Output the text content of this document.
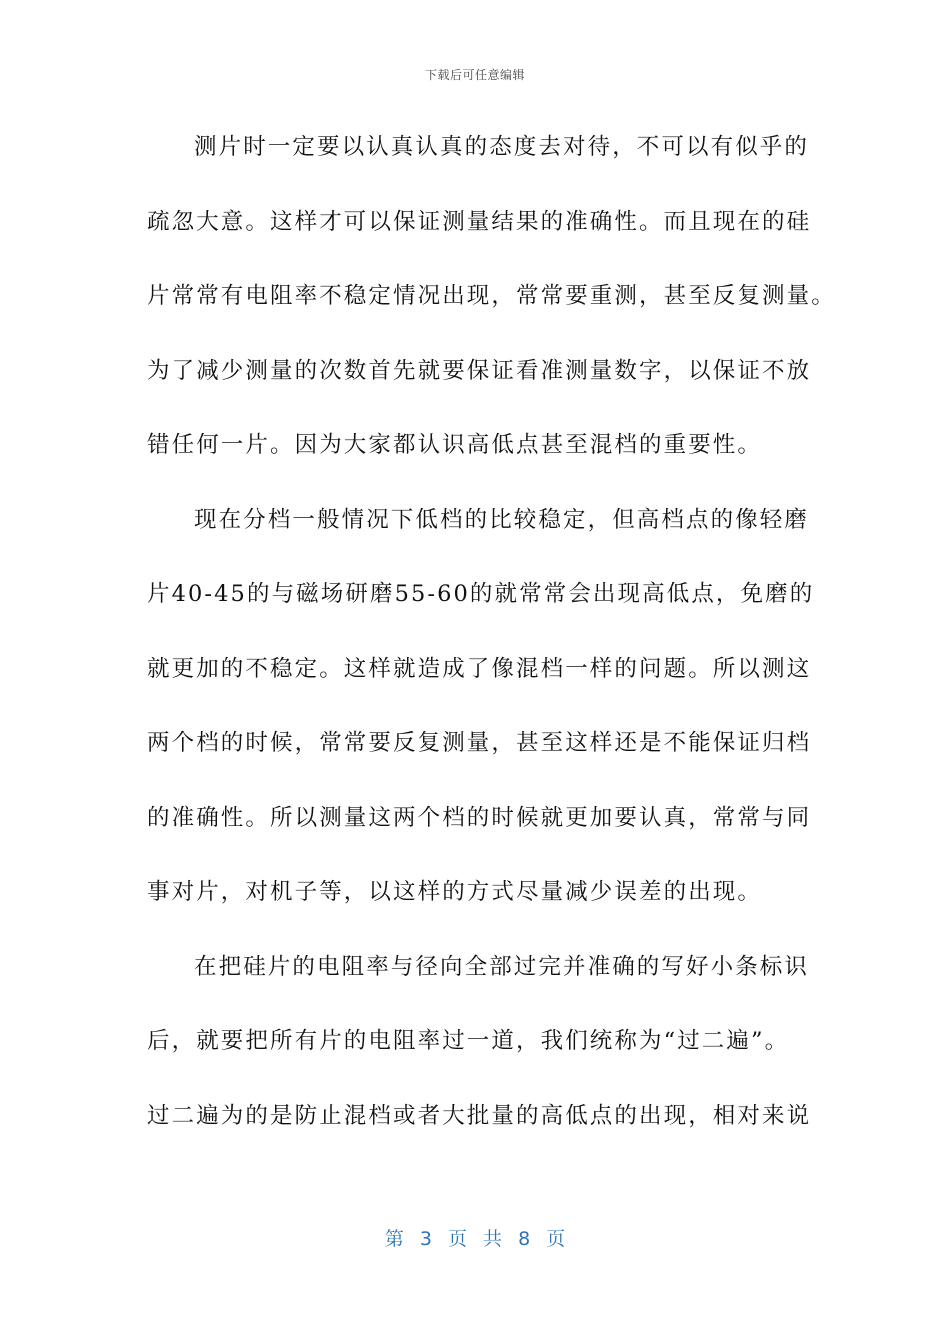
下载后可任意编辑
测片时一定要以认真认真的态度去对待，不可以有似乎的
疏忽大意。这样才可以保证测量结果的准确性。而且现在的硅
片常常有电阻率不稳定情况出现，常常要重测，甚至反复测量。
为了减少测量的次数首先就要保证看准测量数字，以保证不放
错任何一片。因为大家都认识高低点甚至混档的重要性。
现在分档一般情况下低档的比较稳定，但高档点的像轻磨
片40-45的与磁场研磨55-60的就常常会出现高低点，免磨的
就更加的不稳定。这样就造成了像混档一样的问题。所以测这
两个档的时候，常常要反复测量，甚至这样还是不能保证归档
的准确性。所以测量这两个档的时候就更加要认真，常常与同
事对片，对机子等，以这样的方式尽量减少误差的出现。
在把硅片的电阻率与径向全部过完并准确的写好小条标识
后，就要把所有片的电阻率过一道，我们统称为“过二遍”。
过二遍为的是防止混档或者大批量的高低点的出现，相对来说
第 3 页 共 8 页
